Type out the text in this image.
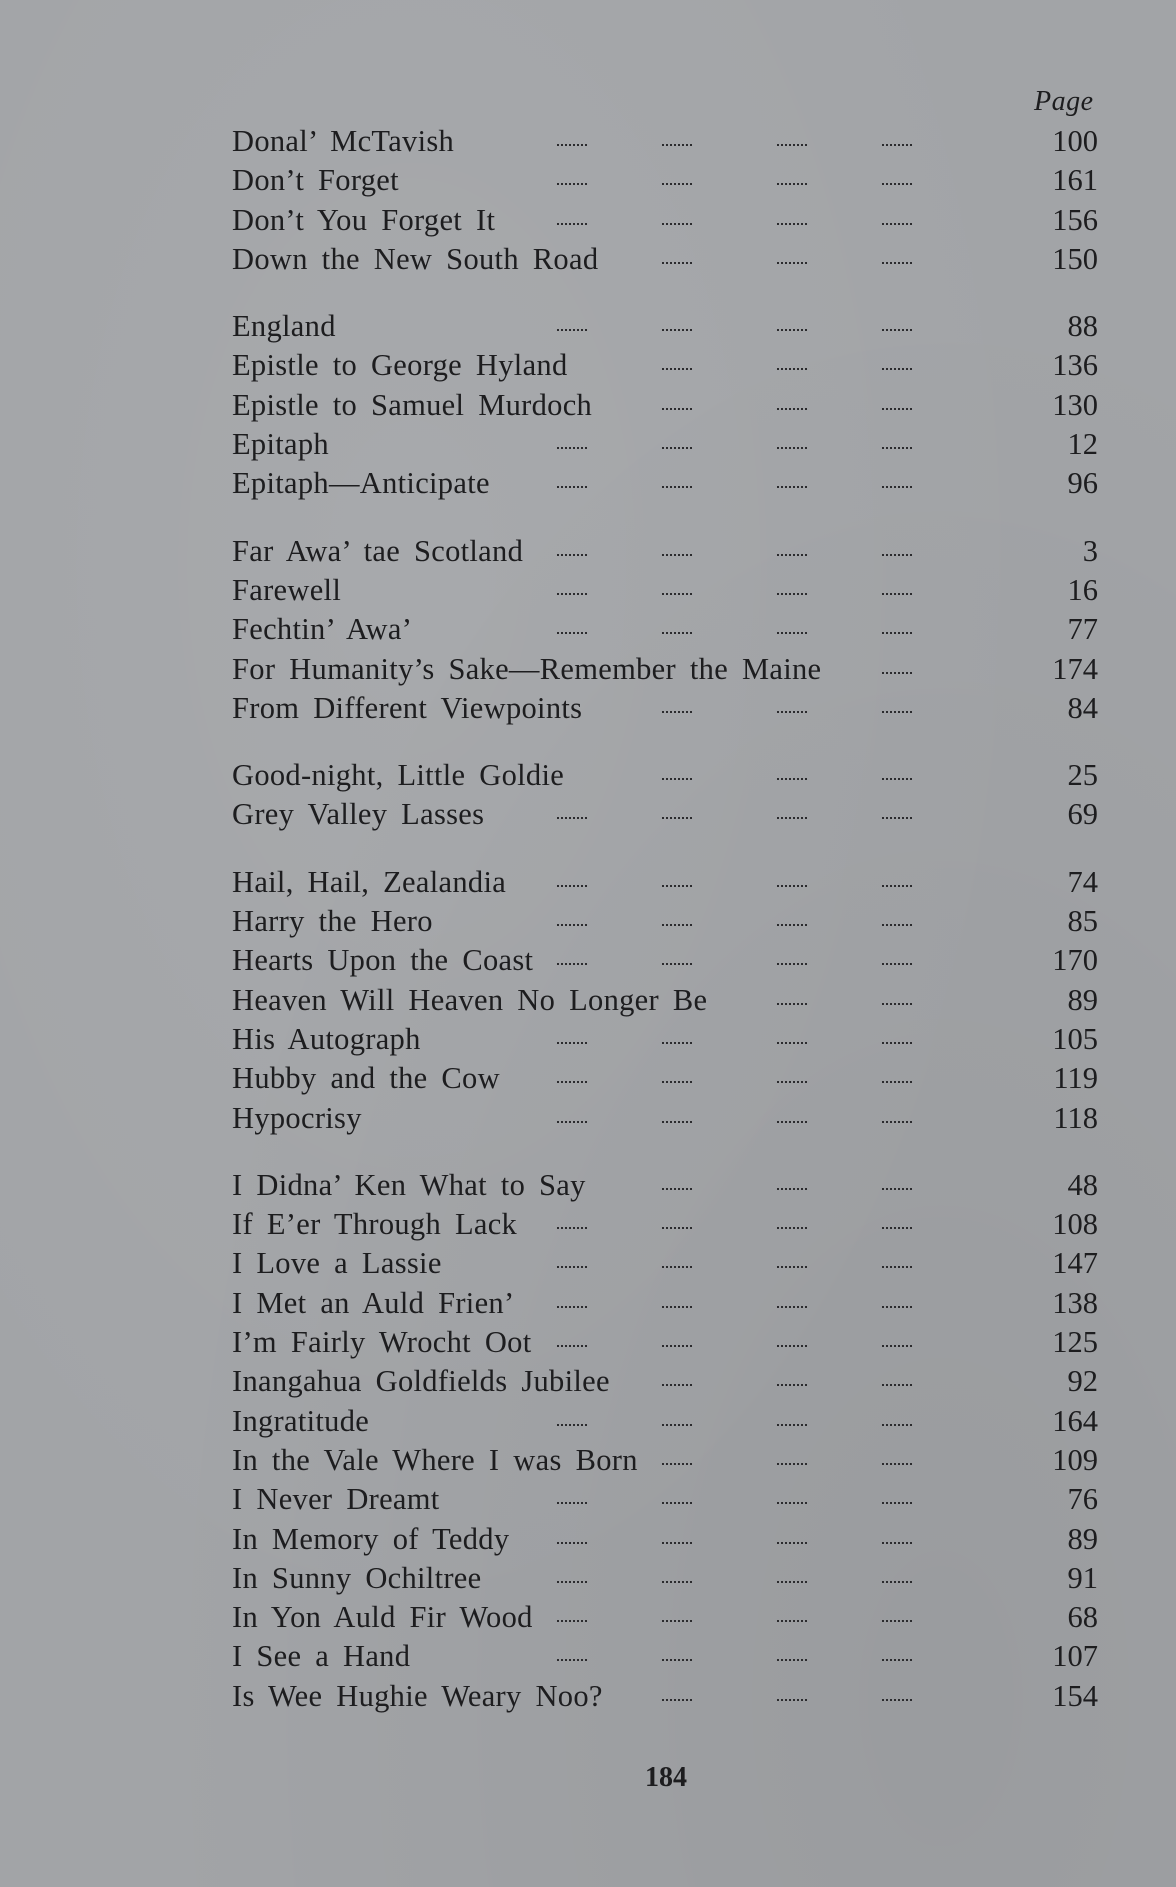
Page
Donal’ McTavish	100
Don’t Forget	161
Don’t You Forget It	156
Down the New South Road	150
England	88
Epistle to George Hyland	136
Epistle to Samuel Murdoch	130
Epitaph	12
Epitaph—Anticipate	96
Far Awa’ tae Scotland	3
Farewell	16
Fechtin’ Awa’	77
For Humanity’s Sake—Remember the Maine	174
From Different Viewpoints	84
Good-night, Little Goldie	25
Grey Valley Lasses	69
Hail, Hail, Zealandia	74
Harry the Hero	85
Hearts Upon the Coast	170
Heaven Will Heaven No Longer Be	89
His Autograph	105
Hubby and the Cow	119
Hypocrisy	118
I Didna’ Ken What to Say	48
If E’er Through Lack	108
I Love a Lassie	147
I Met an Auld Frien’	138
I’m Fairly Wrocht Oot	125
Inangahua Goldfields Jubilee	92
Ingratitude	164
In the Vale Where I was Born	109
I Never Dreamt	76
In Memory of Teddy	89
In Sunny Ochiltree	91
In Yon Auld Fir Wood	68
I See a Hand	107
Is Wee Hughie Weary Noo?	154
184
